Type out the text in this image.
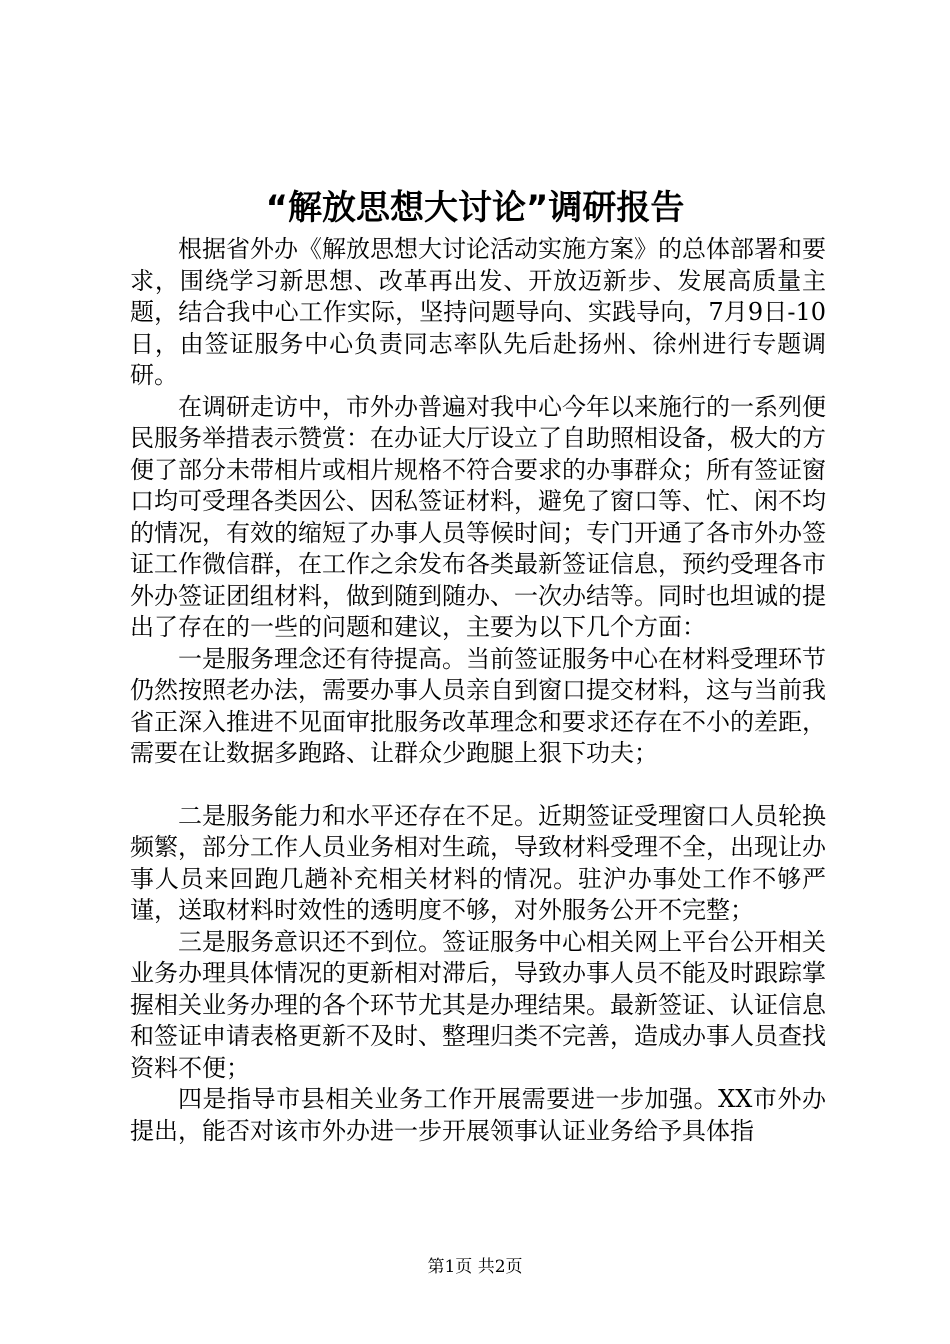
“解放思想大讨论”调研报告

根据省外办《解放思想大讨论活动实施方案》的总体部署和要求，围绕学习新思想、改革再出发、开放迈新步、发展高质量主题，结合我中心工作实际，坚持问题导向、实践导向，7月9日-10日，由签证服务中心负责同志率队先后赴扬州、徐州进行专题调研。

在调研走访中，市外办普遍对我中心今年以来施行的一系列便民服务举措表示赞赏：在办证大厅设立了自助照相设备，极大的方便了部分未带相片或相片规格不符合要求的办事群众；所有签证窗口均可受理各类因公、因私签证材料，避免了窗口等、忙、闲不均的情况，有效的缩短了办事人员等候时间；专门开通了各市外办签证工作微信群，在工作之余发布各类最新签证信息，预约受理各市外办签证团组材料，做到随到随办、一次办结等。同时也坦诚的提出了存在的一些的问题和建议，主要为以下几个方面：

一是服务理念还有待提高。当前签证服务中心在材料受理环节仍然按照老办法，需要办事人员亲自到窗口提交材料，这与当前我省正深入推进不见面审批服务改革理念和要求还存在不小的差距，需要在让数据多跑路、让群众少跑腿上狠下功夫；

二是服务能力和水平还存在不足。近期签证受理窗口人员轮换频繁，部分工作人员业务相对生疏，导致材料受理不全，出现让办事人员来回跑几趟补充相关材料的情况。驻沪办事处工作不够严谨，送取材料时效性的透明度不够，对外服务公开不完整；

三是服务意识还不到位。签证服务中心相关网上平台公开相关业务办理具体情况的更新相对滞后，导致办事人员不能及时跟踪掌握相关业务办理的各个环节尤其是办理结果。最新签证、认证信息和签证申请表格更新不及时、整理归类不完善，造成办事人员查找资料不便；

四是指导市县相关业务工作开展需要进一步加强。XX市外办提出，能否对该市外办进一步开展领事认证业务给予具体指

第1页 共2页
